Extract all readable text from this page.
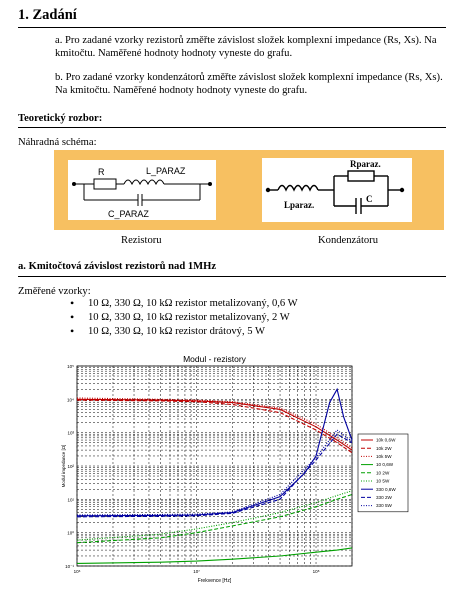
1. Zadání
a. Pro zadané vzorky rezistorů změřte závislost složek komplexní impedance (Rs, Xs). Na kmitočtu. Naměřené hodnoty hodnoty vyneste do grafu.
b. Pro zadané vzorky kondenzátorů změřte závislost složek komplexní impedance (Rs, Xs). Na kmitočtu. Naměřené hodnoty hodnoty vyneste do grafu.
Teoretický rozbor:
Náhradná schéma:
R	L_PARAZ
C_PARAZ
Rparaz.
Lparaz.
C
Rezistoru	Kondenzátoru
a. Kmitočtová závislost rezistorů nad 1MHz
Změřené vzorky:
• 10 Ω, 330 Ω, 10 kΩ rezistor metalizovaný, 0,6 W
• 10 Ω, 330 Ω, 10 kΩ rezistor metalizovaný, 2 W
• 10 Ω, 330 Ω, 10 kΩ rezistor drátový, 5 W
10⁻¹
10⁰
10¹
10²
10³
10⁴
10⁵
10⁶	10⁷	10⁸
Modul - rezistory
Frekvence [Hz]
Modul impedance [Ω]
10k 0,6W
10k 2W
10k 5W
10 0,6W
10 2W
10 5W
330 0,6W
330 2W
330 5W
